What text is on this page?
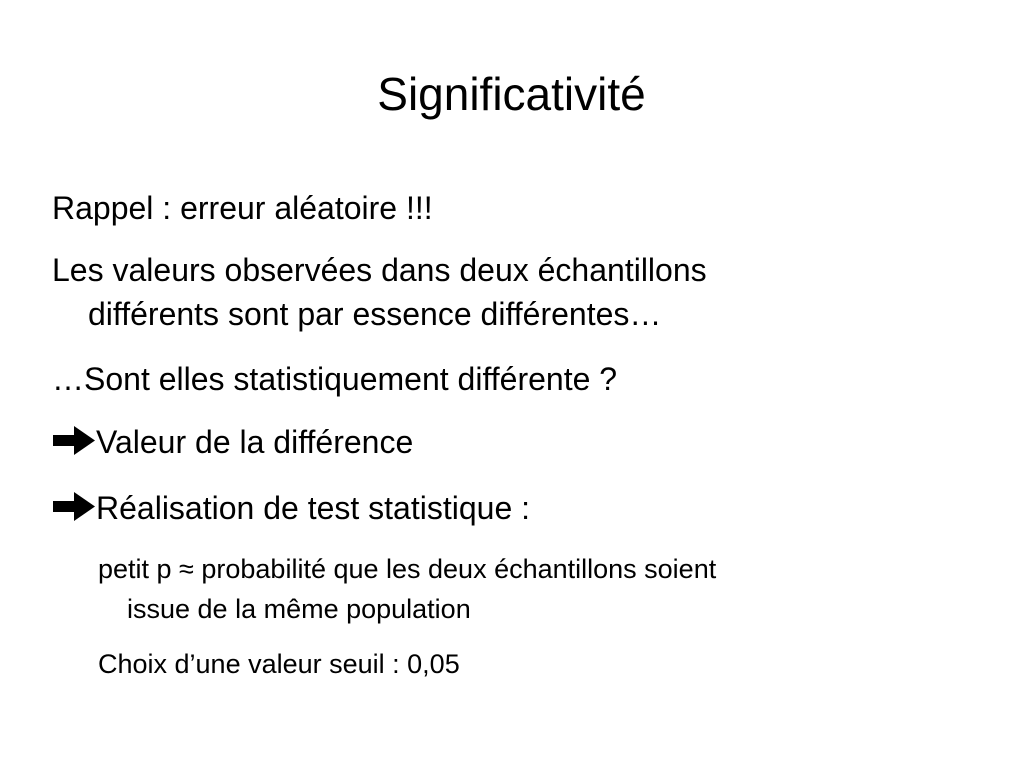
Significativité

Rappel : erreur aléatoire !!!

Les valeurs observées dans deux échantillons

différents sont par essence différentes…

…Sont elles statistiquement différente ?

Valeur de la différence
Réalisation de test statistique :

petit p ≈ probabilité que les deux échantillons soient

issue de la même population

Choix d’une valeur seuil : 0,05
